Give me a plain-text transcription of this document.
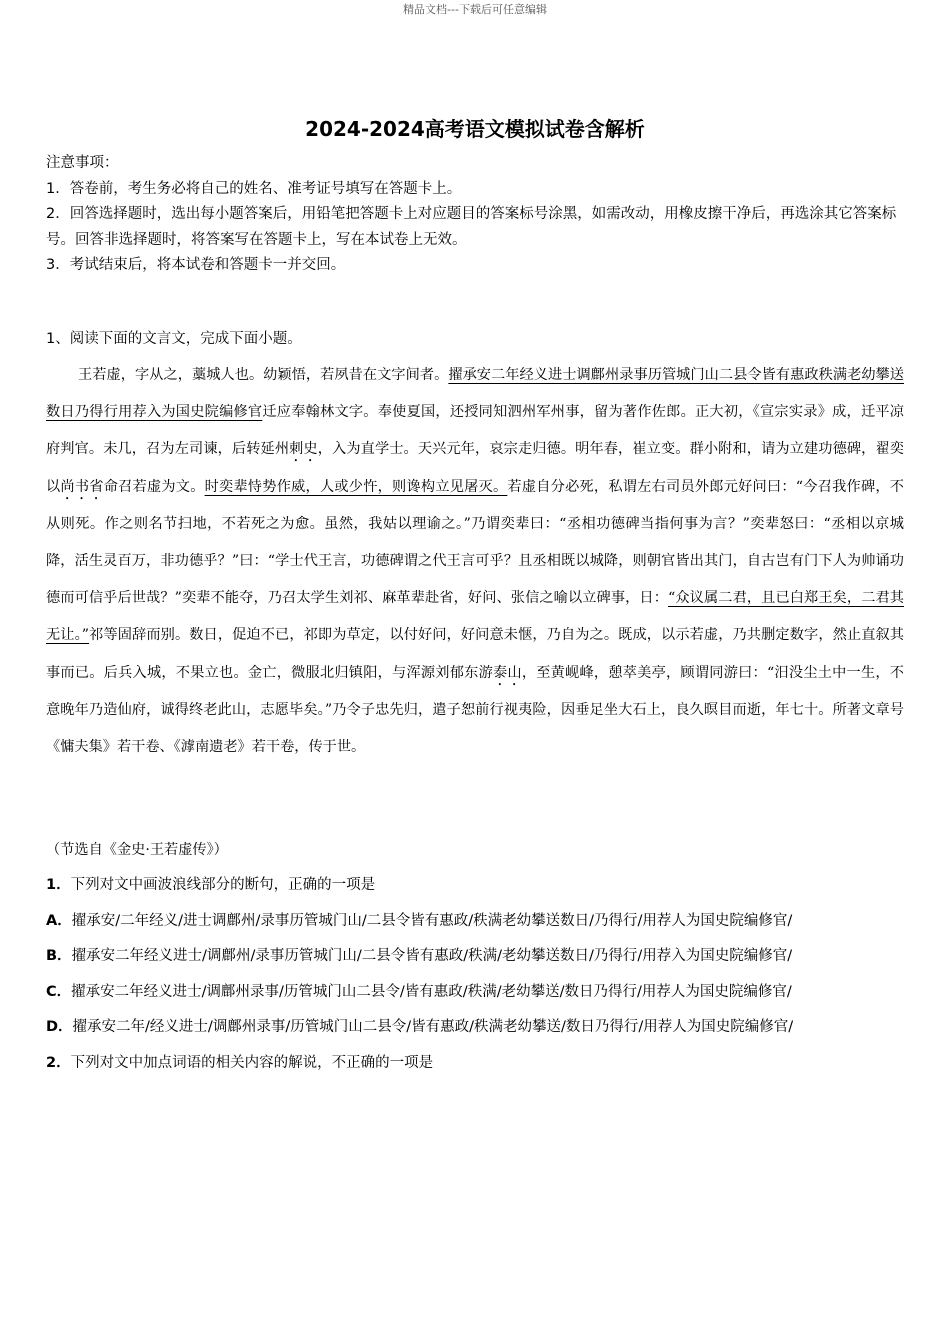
精品文档---下载后可任意编辑
2024-2024高考语文模拟试卷含解析

注意事项：

1．答卷前，考生务必将自己的姓名、准考证号填写在答题卡上。

2．回答选择题时，选出每小题答案后，用铅笔把答题卡上对应题目的答案标号涂黑，如需改动，用橡皮擦干净后，再选涂其它答案标号。回答非选择题时，将答案写在答题卡上，写在本试卷上无效。

3．考试结束后，将本试卷和答题卡一并交回。

1、阅读下面的文言文，完成下面小题。
王若虚，字从之，藁城人也。幼颖悟，若夙昔在文字间者。擢承安二年经义进士调鄜州录事历管城门山二县令皆有惠政秩满老幼攀送数日乃得行用荐入为国史院编修官迁应奉翰林文字。奉使夏国，还授同知泗州军州事，留为著作佐郎。正大初，《宣宗实录》成，迁平凉府判官。未几，召为左司谏，后转延州刺史，入为直学士。天兴元年，哀宗走归德。明年春，崔立变。群小附和，请为立建功德碑，翟奕以尚书省命召若虚为文。时奕辈恃势作威，人或少忤，则谗构立见屠灭。若虚自分必死，私谓左右司员外郎元好问曰：“今召我作碑，不从则死。作之则名节扫地，不若死之为愈。虽然，我姑以理谕之。”乃谓奕辈曰：“丞相功德碑当指何事为言？”奕辈怒曰：“丞相以京城降，活生灵百万，非功德乎？”曰：“学士代王言，功德碑谓之代王言可乎？且丞相既以城降，则朝官皆出其门，自古岂有门下人为帅诵功德而可信乎后世哉？”奕辈不能夺，乃召太学生刘祁、麻革辈赴省，好问、张信之喻以立碑事，日：“众议属二君，且已白郑王矣，二君其无让。”祁等固辞而别。数日，促迫不已，祁即为草定，以付好问，好问意未惬，乃自为之。既成，以示若虚，乃共删定数字，然止直叙其事而已。后兵入城，不果立也。金亡，微服北归镇阳，与浑源刘郁东游泰山，至黄岘峰，憩萃美亭，顾谓同游曰：“汨没尘土中一生，不意晚年乃造仙府，诚得终老此山，志愿毕矣。”乃令子忠先归，遣子恕前行视夷险，因垂足坐大石上，良久暝目而逝，年七十。所著文章号《慵夫集》若干卷、《滹南遗老》若干卷，传于世。
（节选自《金史·王若虚传》）

1．下列对文中画波浪线部分的断句，正确的一项是

A．擢承安/二年经义/进士调鄜州/录事历管城门山/二县令皆有惠政/秩满老幼攀送数日/乃得行/用荐人为国史院编修官/

B．擢承安二年经义进士/调鄜州/录事历管城门山/二县令皆有惠政/秩满/老幼攀送数日/乃得行/用荐入为国史院编修官/

C．擢承安二年经义进士/调鄜州录事/历管城门山二县令/皆有惠政/秩满/老幼攀送/数日乃得行/用荐人为国史院编修官/

D．擢承安二年/经义进士/调鄜州录事/历管城门山二县令/皆有惠政/秩满老幼攀送/数日乃得行/用荐人为国史院编修官/

2．下列对文中加点词语的相关内容的解说，不正确的一项是
